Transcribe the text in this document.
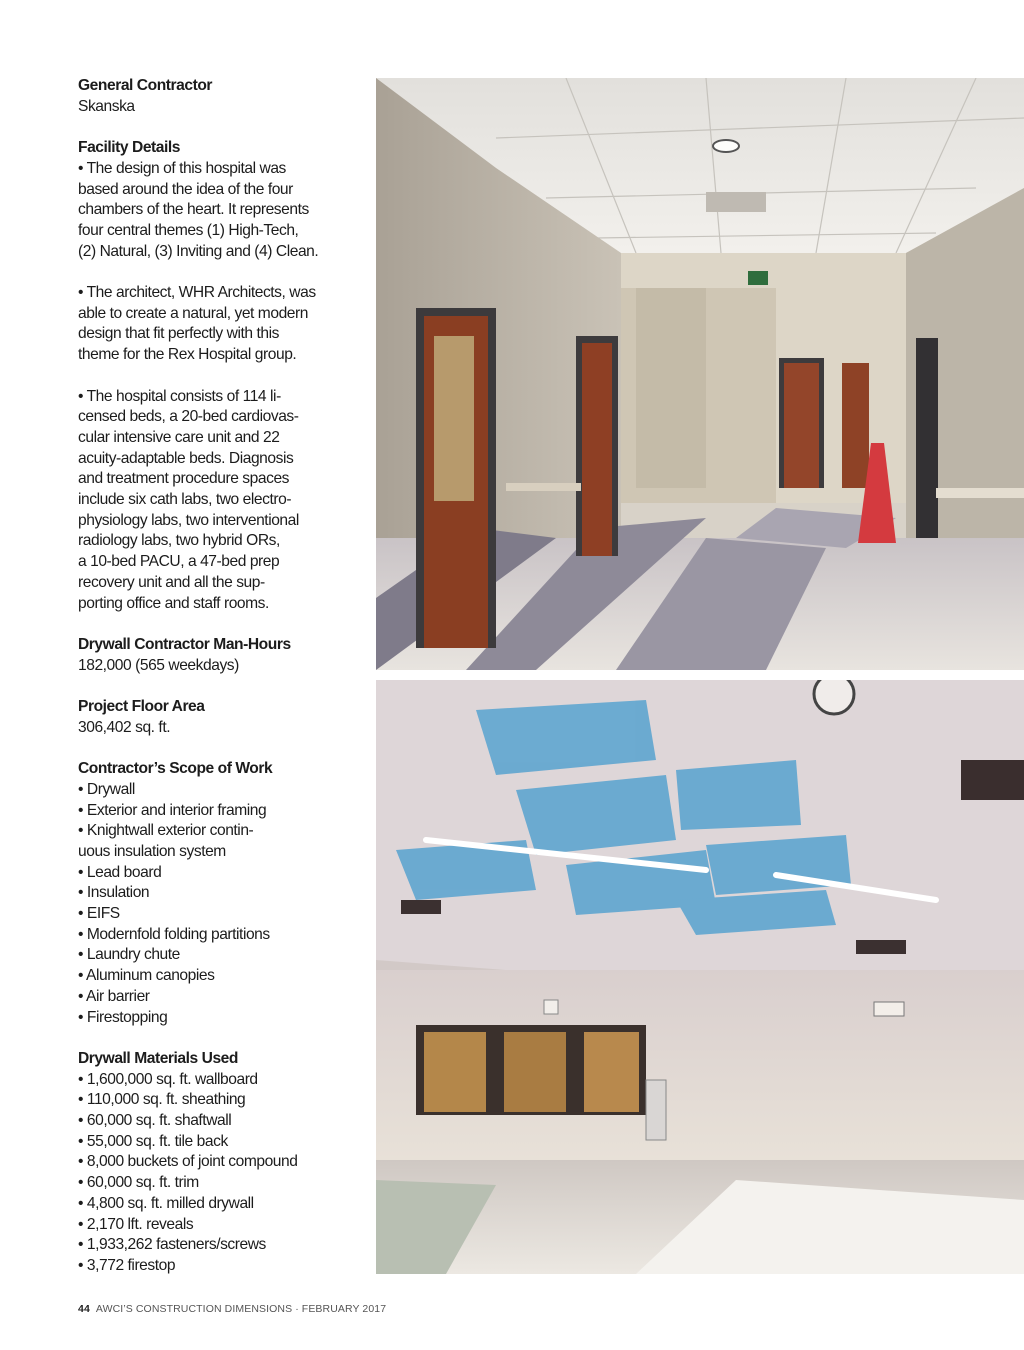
General Contractor
Skanska
Facility Details
• The design of this hospital was
based around the idea of the four
chambers of the heart. It represents
four central themes (1) High-Tech,
(2) Natural, (3) Inviting and (4) Clean.
• The architect, WHR Architects, was
able to create a natural, yet modern
design that fit perfectly with this
theme for the Rex Hospital group.
• The hospital consists of 114 li-
censed beds, a 20-bed cardiovas-
cular intensive care unit and 22
acuity-adaptable beds. Diagnosis
and treatment procedure spaces
include six cath labs, two electro-
physiology labs, two interventional
radiology labs, two hybrid ORs,
a 10-bed PACU, a 47-bed prep
recovery unit and all the sup-
porting office and staff rooms.
Drywall Contractor Man-Hours
182,000 (565 weekdays)
Project Floor Area
306,402 sq. ft.
Contractor’s Scope of Work
• Drywall
• Exterior and interior framing
• Knightwall exterior contin-
uous insulation system
• Lead board
• Insulation
• EIFS
• Modernfold folding partitions
• Laundry chute
• Aluminum canopies
• Air barrier
• Firestopping
Drywall Materials Used
• 1,600,000 sq. ft. wallboard
• 110,000 sq. ft. sheathing
• 60,000 sq. ft. shaftwall
• 55,000 sq. ft. tile back
• 8,000 buckets of joint compound
• 60,000 sq. ft. trim
• 4,800 sq. ft. milled drywall
• 2,170 lft. reveals
• 1,933,262 fasteners/screws
• 3,772 firestop
44 AWCI’S CONSTRUCTION DIMENSIONS · FEBRUARY 2017
